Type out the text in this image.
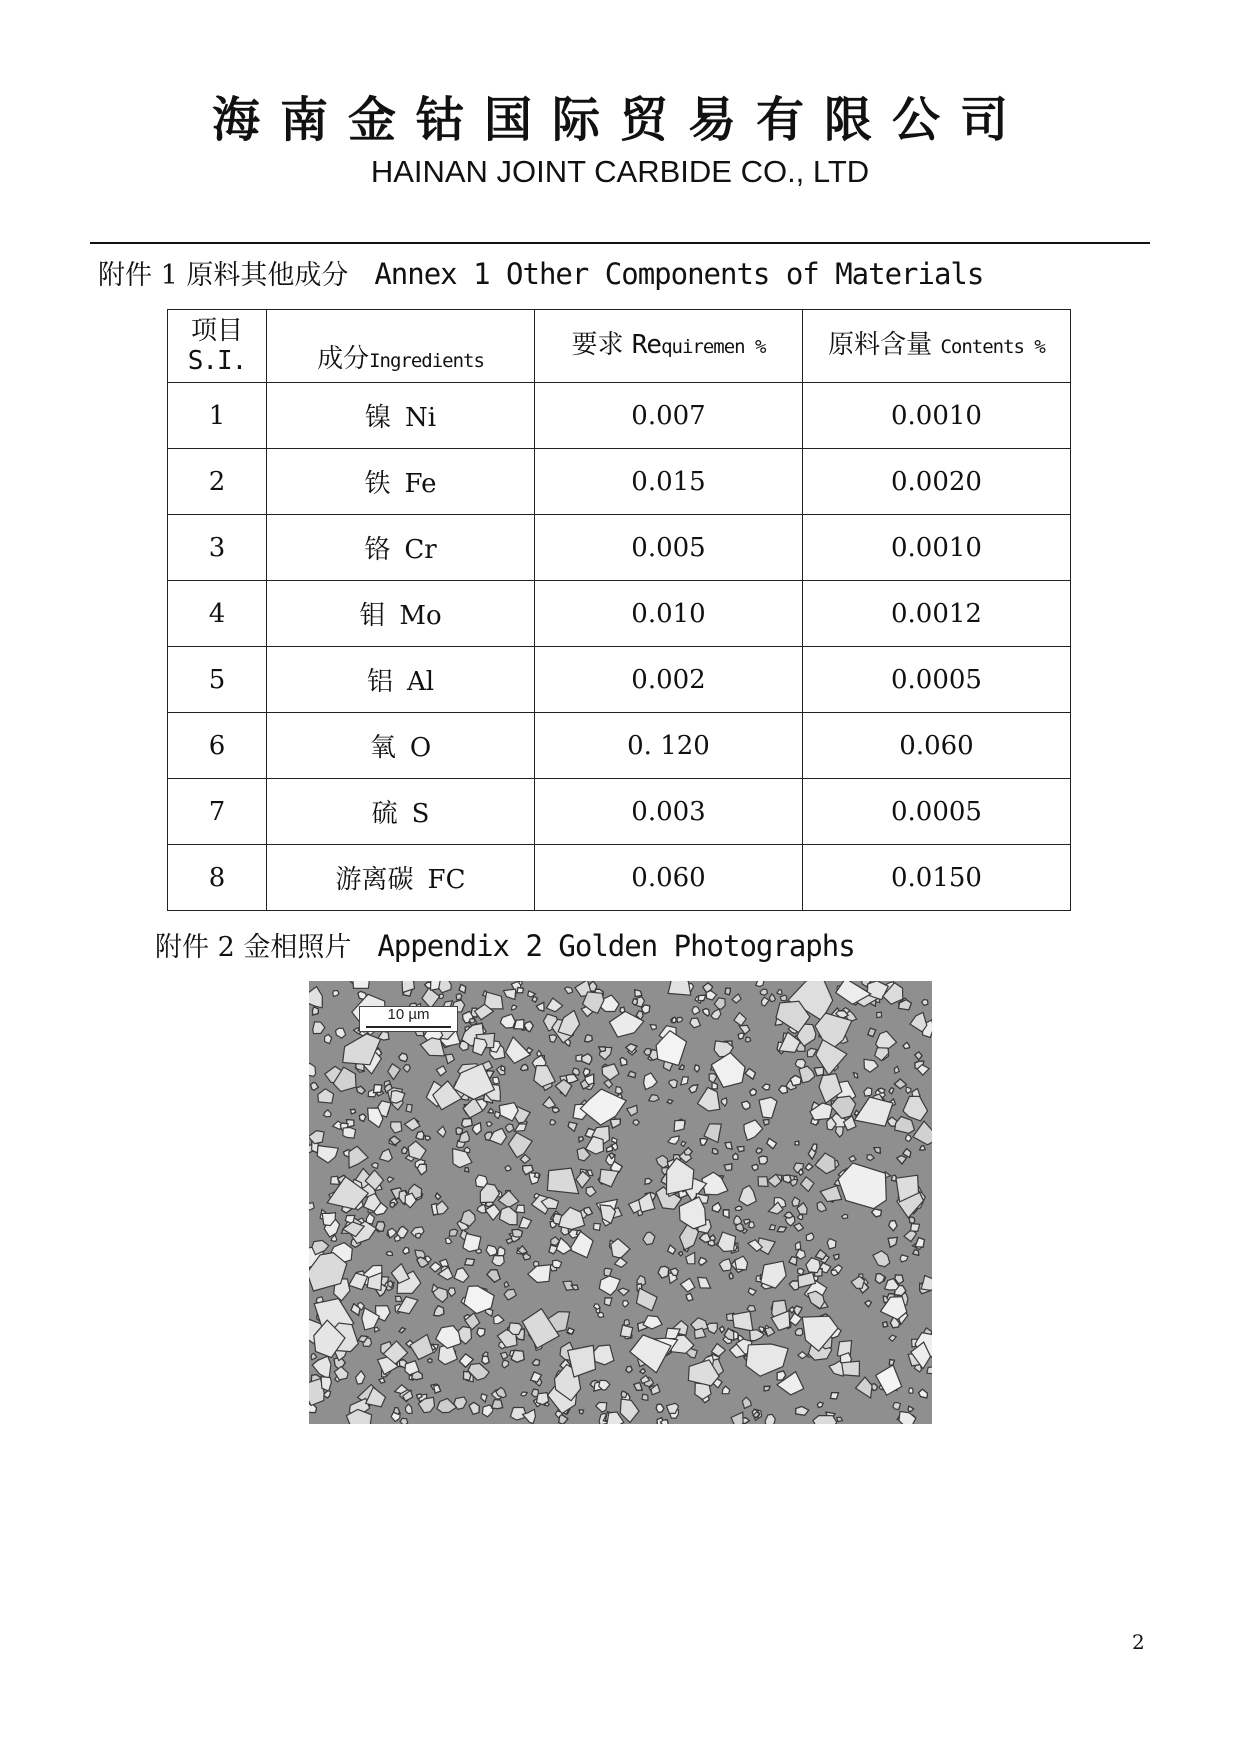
海南金钴国际贸易有限公司
HAINAN JOINT CARBIDE CO., LTD
附件 1 原料其他成分 Annex 1 Other Components of Materials
项目
S.I.	成分Ingredients	要求 Requiremen %	原料含量 Contents %
1	镍 Ni	0.007	0.0010
2	铁 Fe	0.015	0.0020
3	铬 Cr	0.005	0.0010
4	钼 Mo	0.010	0.0012
5	铝 Al	0.002	0.0005
6	氧 O	0. 120	0.060
7	硫 S	0.003	0.0005
8	游离碳 FC	0.060	0.0150
附件 2 金相照片 Appendix 2 Golden Photographs
10 µm
2
